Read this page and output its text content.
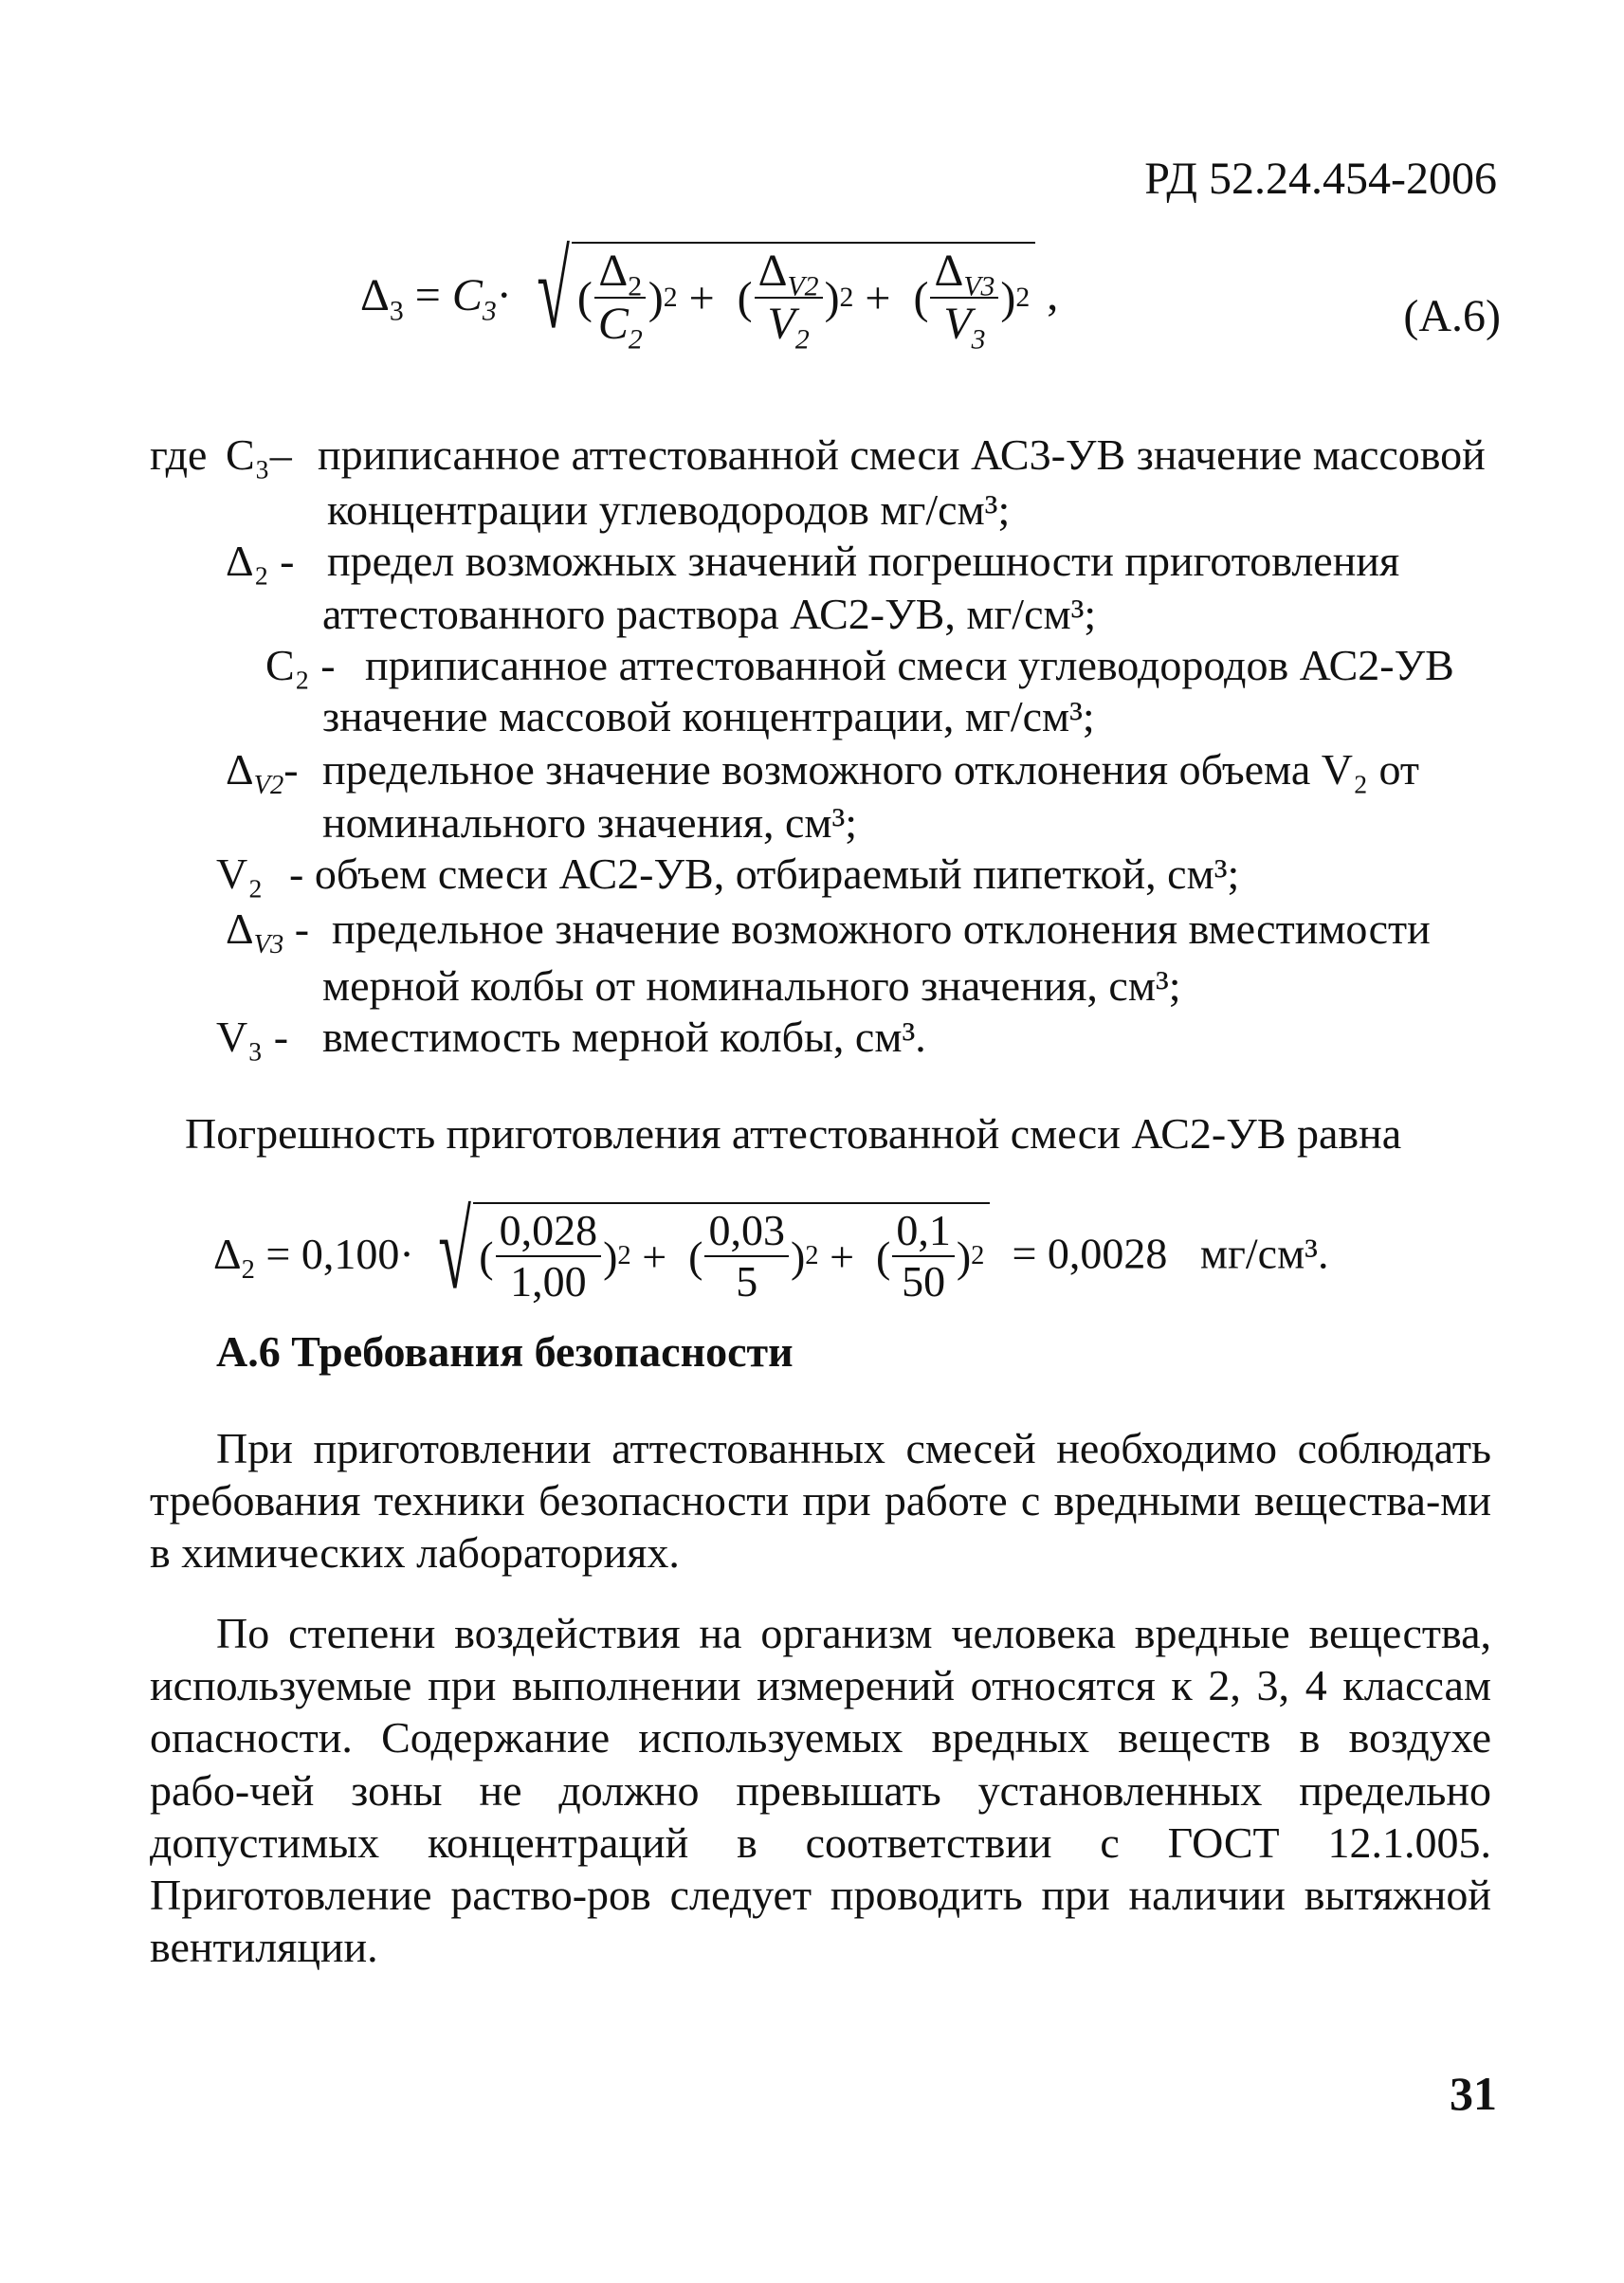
РД 52.24.454-2006
$\Delta_3 = C_3\cdot$ √ ( $\frac{\Delta_2}{C_2}$ ) 2
+ ( $\frac{\Delta_{V2}}{V_2}$ ) 2
+ ( $\frac{\Delta_{V3}}{V_3}$ ) 2 ,	(А.6)
где C₃– приписанное аттестованной смеси АС3-УВ значение массовой
концентрации углеводородов мг/см³;
Δ₂ - предел возможных значений погрешности приготовления
аттестованного раствора АС2-УВ, мг/см³;
C₂ - приписанное аттестованной смеси углеводородов АС2-УВ
значение массовой концентрации, мг/см³;
$\Delta_{V2}-$ предельное значение возможного отклонения объема V₂ от
номинального значения, см³;
V₂ - объем смеси АС2-УВ, отбираемый пипеткой, см³;
$\Delta_{V3}$ - предельное значение возможного отклонения вместимости
мерной колбы от номинального значения, см³;
V₃ - вместимость мерной колбы, см³.
Погрешность приготовления аттестованной смеси АС2-УВ равна
$\Delta_2 = 0,100\cdot$ √ ( $\frac{0,028}{1,00}$ ) 2
+ ( $\frac{0,03}{5}$ ) 2
+ ( $\frac{0,1}{50}$ ) 2 = 0,0028 мг/см³.
А.6 Требования безопасности
При приготовлении аттестованных смесей необходимо соблюдать требования техники безопасности при работе с вредными вещества-ми в химических лабораториях.
По степени воздействия на организм человека вредные вещества, используемые при выполнении измерений относятся к 2, 3, 4 классам опасности. Содержание используемых вредных веществ в воздухе рабо-чей зоны не должно превышать установленных предельно допустимых концентраций в соответствии с ГОСТ 12.1.005. Приготовление раство-ров следует проводить при наличии вытяжной вентиляции.
31
